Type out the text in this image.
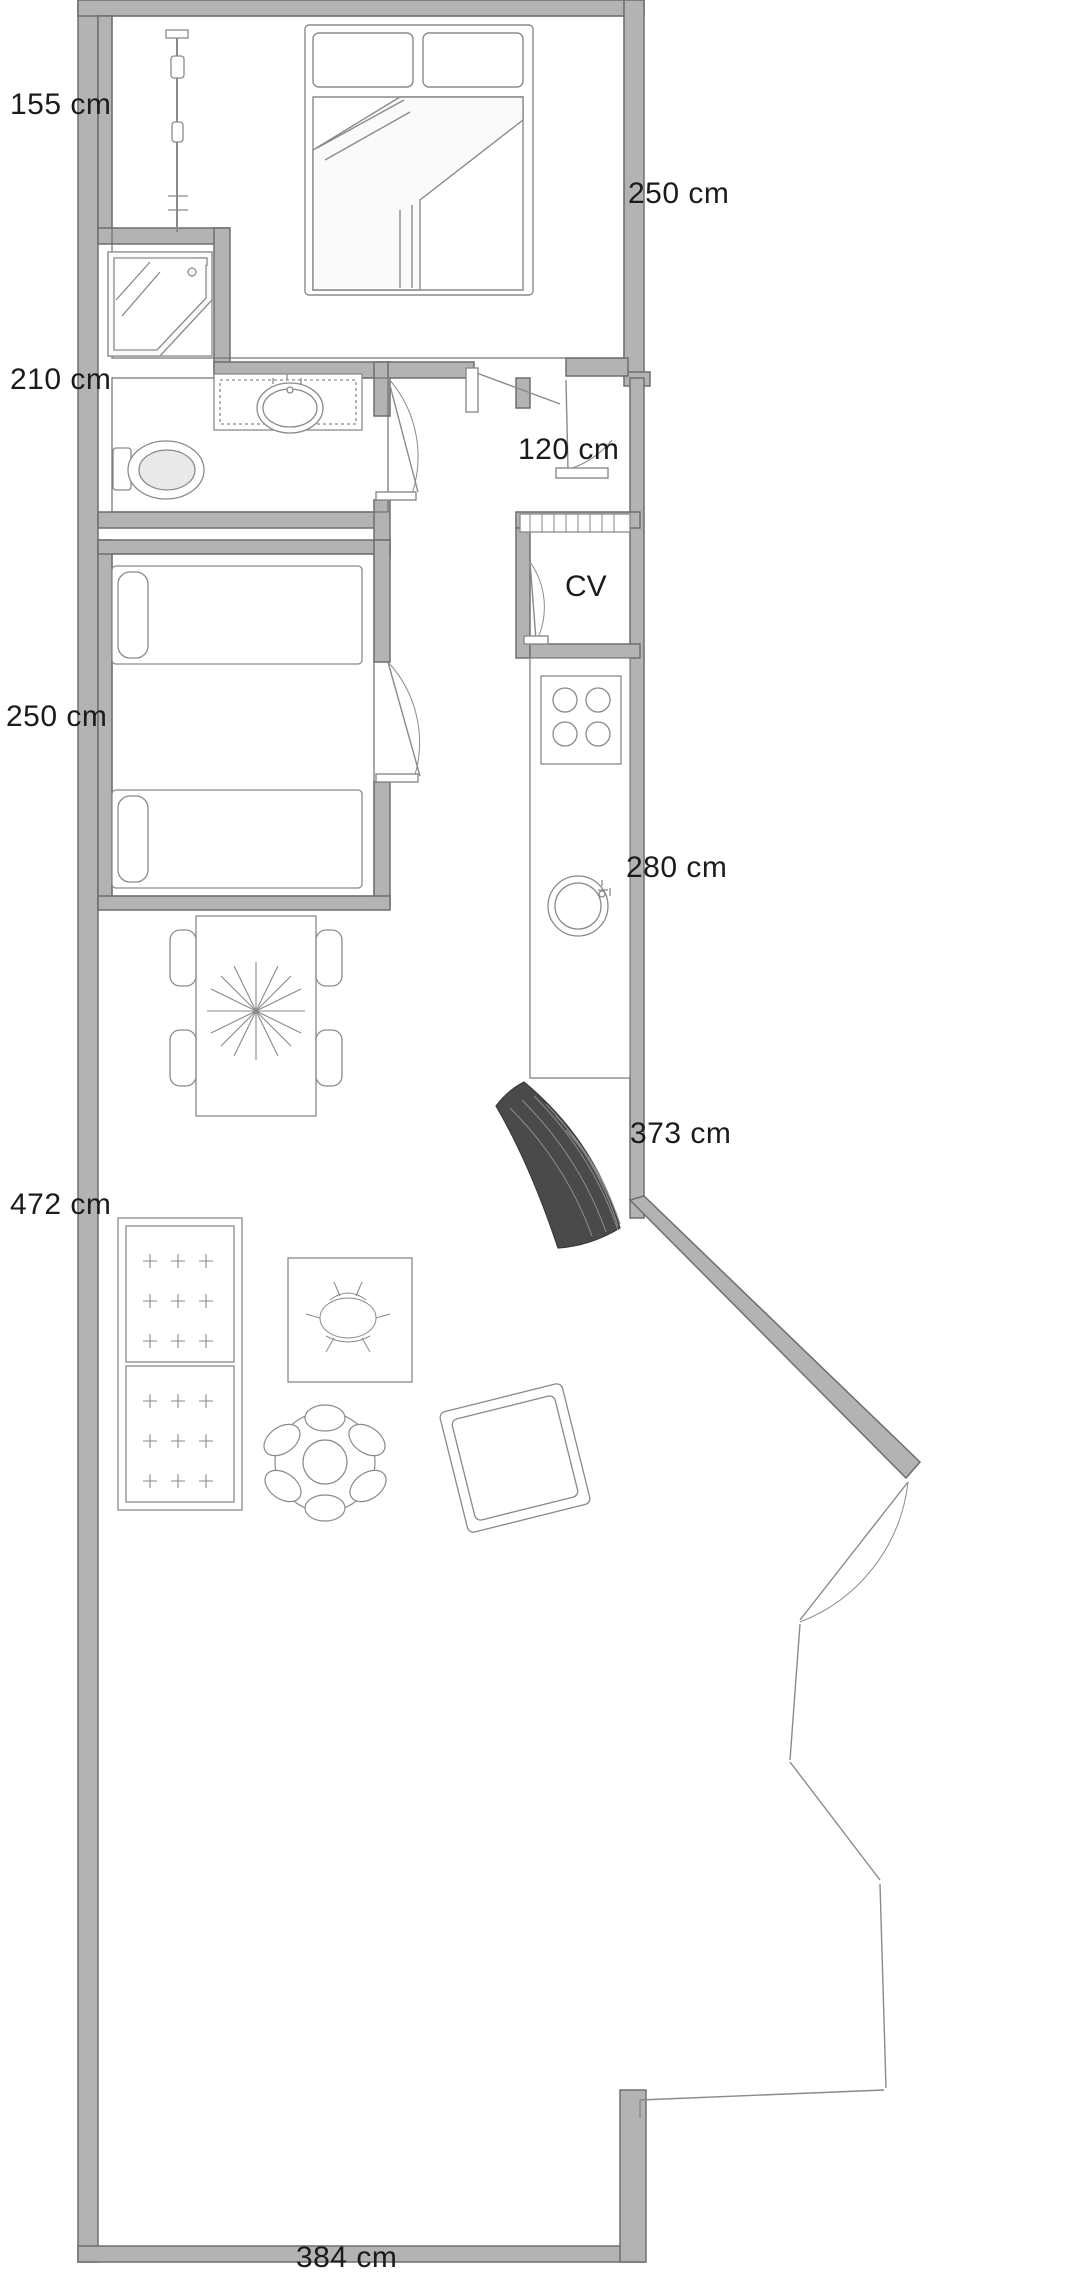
155 cm
250 cm
210 cm
120 cm
250 cm
280 cm
373 cm
472 cm
384 cm
CV
